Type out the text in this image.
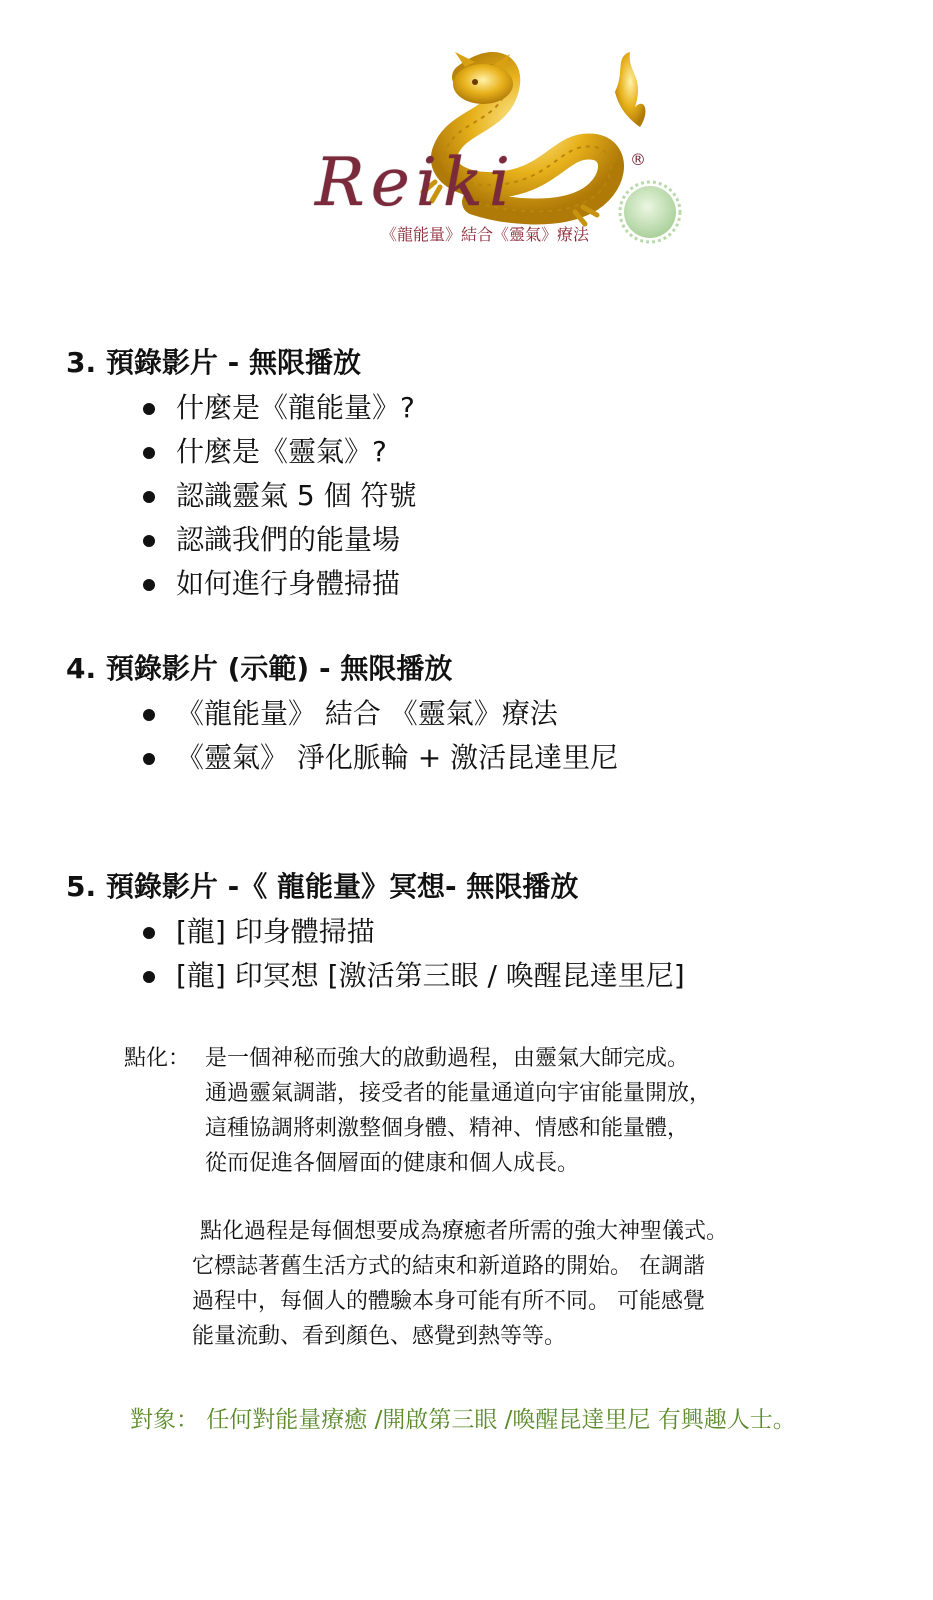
Reiki	®
《龍能量》結合《靈氣》療法
3. 預錄影片 - 無限播放
什麼是《龍能量》?
什麼是《靈氣》?
認識靈氣 5 個 符號
認識我們的能量場
如何進行身體掃描
4. 預錄影片 (示範) - 無限播放
《龍能量》 結合 《靈氣》療法
《靈氣》 淨化脈輪 + 激活昆達里尼
5. 預錄影片 -《 龍能量》冥想- 無限播放
[龍] 印身體掃描
[龍] 印冥想 [激活第三眼 / 喚醒昆達里尼]
點化： 是一個神秘而強大的啟動過程，由靈氣大師完成。

通過靈氣調諧，接受者的能量通道向宇宙能量開放，

這種協調將刺激整個身體、精神、情感和能量體，

從而促進各個層面的健康和個人成長。

點化過程是每個想要成為療癒者所需的強大神聖儀式。

它標誌著舊生活方式的結束和新道路的開始。 在調諧

過程中，每個人的體驗本身可能有所不同。 可能感覺

能量流動、看到顏色、感覺到熱等等。

對象： 任何對能量療癒 /開啟第三眼 /喚醒昆達里尼 有興趣人士。
